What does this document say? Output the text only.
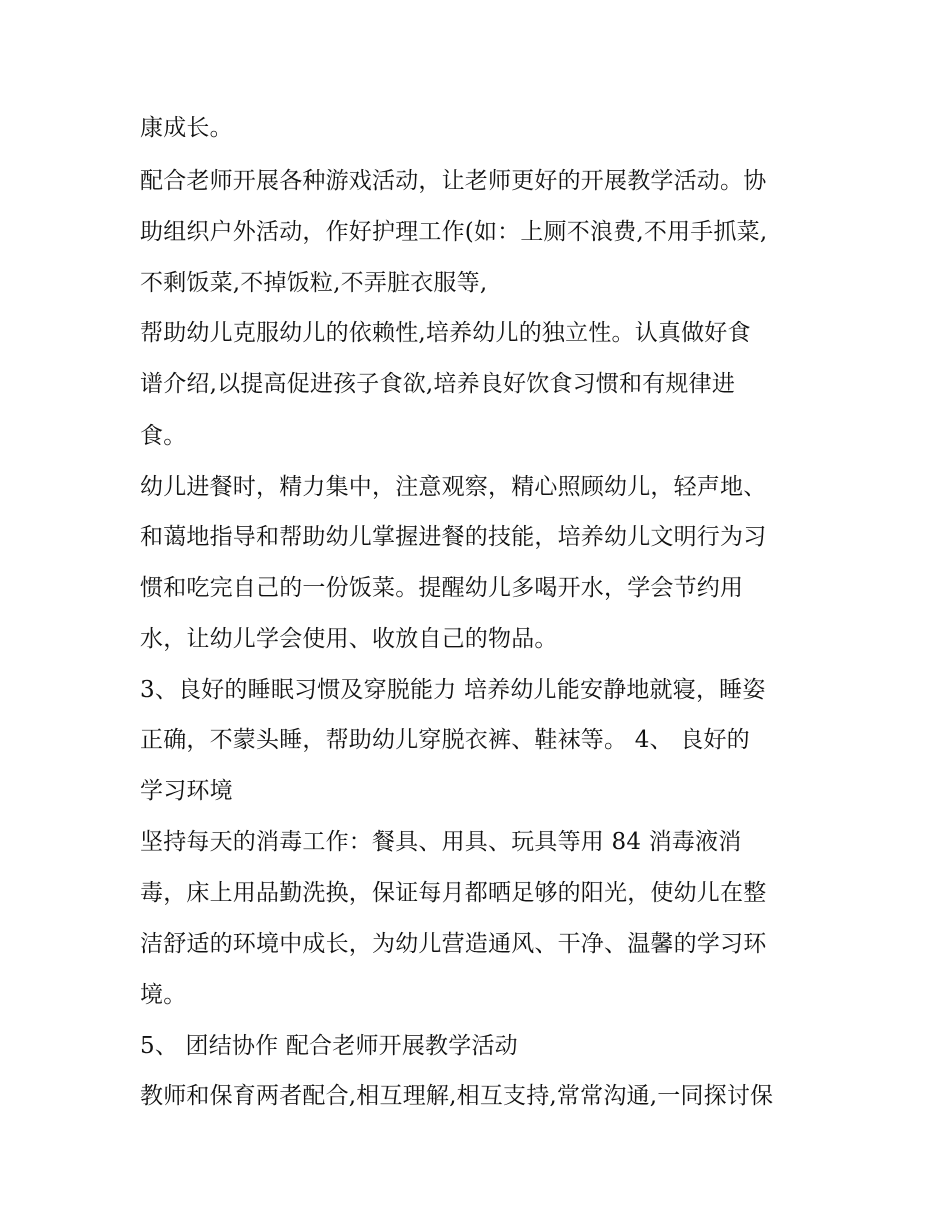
康成长。
配合老师开展各种游戏活动，让老师更好的开展教学活动。协
助组织户外活动，作好护理工作(如：上厕不浪费,不用手抓菜,
不剩饭菜,不掉饭粒,不弄脏衣服等,
帮助幼儿克服幼儿的依赖性,培养幼儿的独立性。认真做好食
谱介绍,以提高促进孩子食欲,培养良好饮食习惯和有规律进
食。
幼儿进餐时，精力集中，注意观察，精心照顾幼儿，轻声地、
和蔼地指导和帮助幼儿掌握进餐的技能，培养幼儿文明行为习
惯和吃完自己的一份饭菜。提醒幼儿多喝开水，学会节约用
水，让幼儿学会使用、收放自己的物品。
3、良好的睡眠习惯及穿脱能力 培养幼儿能安静地就寝，睡姿
正确，不蒙头睡，帮助幼儿穿脱衣裤、鞋袜等。 4、 良好的
学习环境
坚持每天的消毒工作：餐具、用具、玩具等用 84 消毒液消
毒，床上用品勤洗换，保证每月都晒足够的阳光，使幼儿在整
洁舒适的环境中成长，为幼儿营造通风、干净、温馨的学习环
境。
5、 团结协作 配合老师开展教学活动
教师和保育两者配合,相互理解,相互支持,常常沟通,一同探讨保
